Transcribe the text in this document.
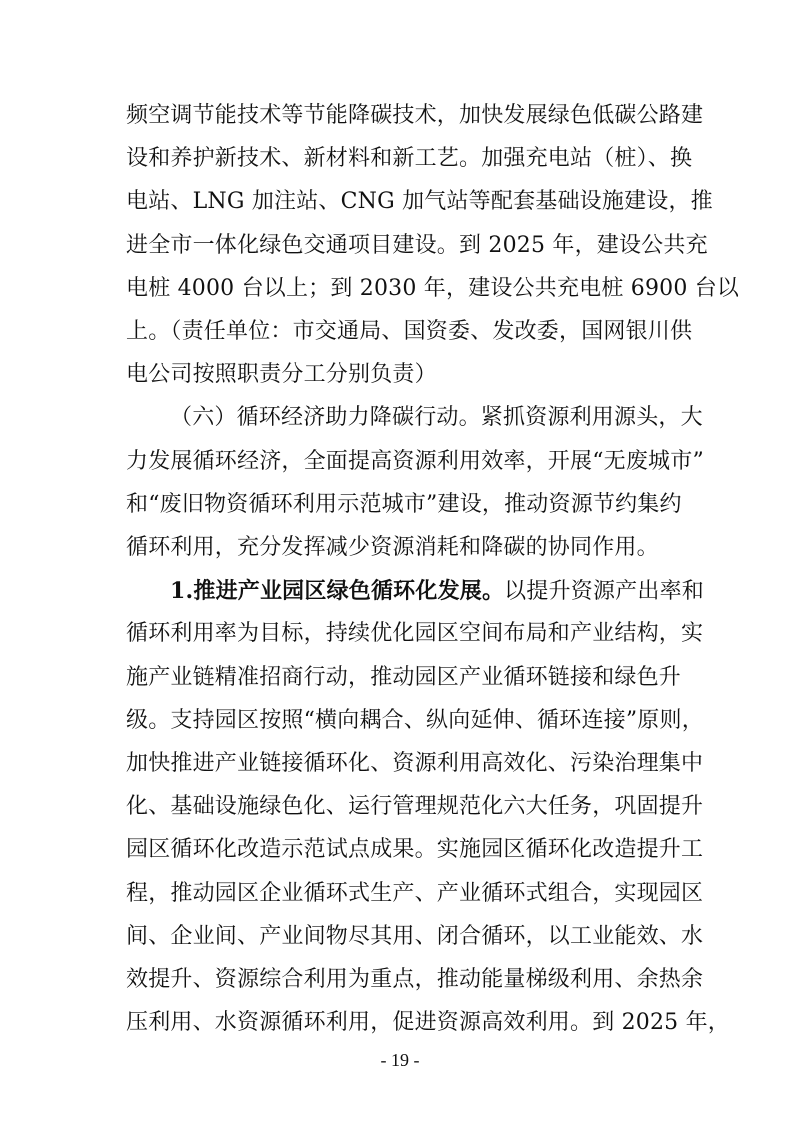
频空调节能技术等节能降碳技术，加快发展绿色低碳公路建
设和养护新技术、新材料和新工艺。加强充电站（桩）、换
电站、LNG 加注站、CNG 加气站等配套基础设施建设，推
进全市一体化绿色交通项目建设。到 2025 年，建设公共充
电桩 4000 台以上；到 2030 年，建设公共充电桩 6900 台以
上。（责任单位：市交通局、国资委、发改委，国网银川供
电公司按照职责分工分别负责）
（六）循环经济助力降碳行动。紧抓资源利用源头，大
力发展循环经济，全面提高资源利用效率，开展“无废城市”
和“废旧物资循环利用示范城市”建设，推动资源节约集约
循环利用，充分发挥减少资源消耗和降碳的协同作用。
1.推进产业园区绿色循环化发展。以提升资源产出率和
循环利用率为目标，持续优化园区空间布局和产业结构，实
施产业链精准招商行动，推动园区产业循环链接和绿色升
级。支持园区按照“横向耦合、纵向延伸、循环连接”原则，
加快推进产业链接循环化、资源利用高效化、污染治理集中
化、基础设施绿色化、运行管理规范化六大任务，巩固提升
园区循环化改造示范试点成果。实施园区循环化改造提升工
程，推动园区企业循环式生产、产业循环式组合，实现园区
间、企业间、产业间物尽其用、闭合循环，以工业能效、水
效提升、资源综合利用为重点，推动能量梯级利用、余热余
- 19 -
压利用、水资源循环利用，促进资源高效利用。到 2025 年，
